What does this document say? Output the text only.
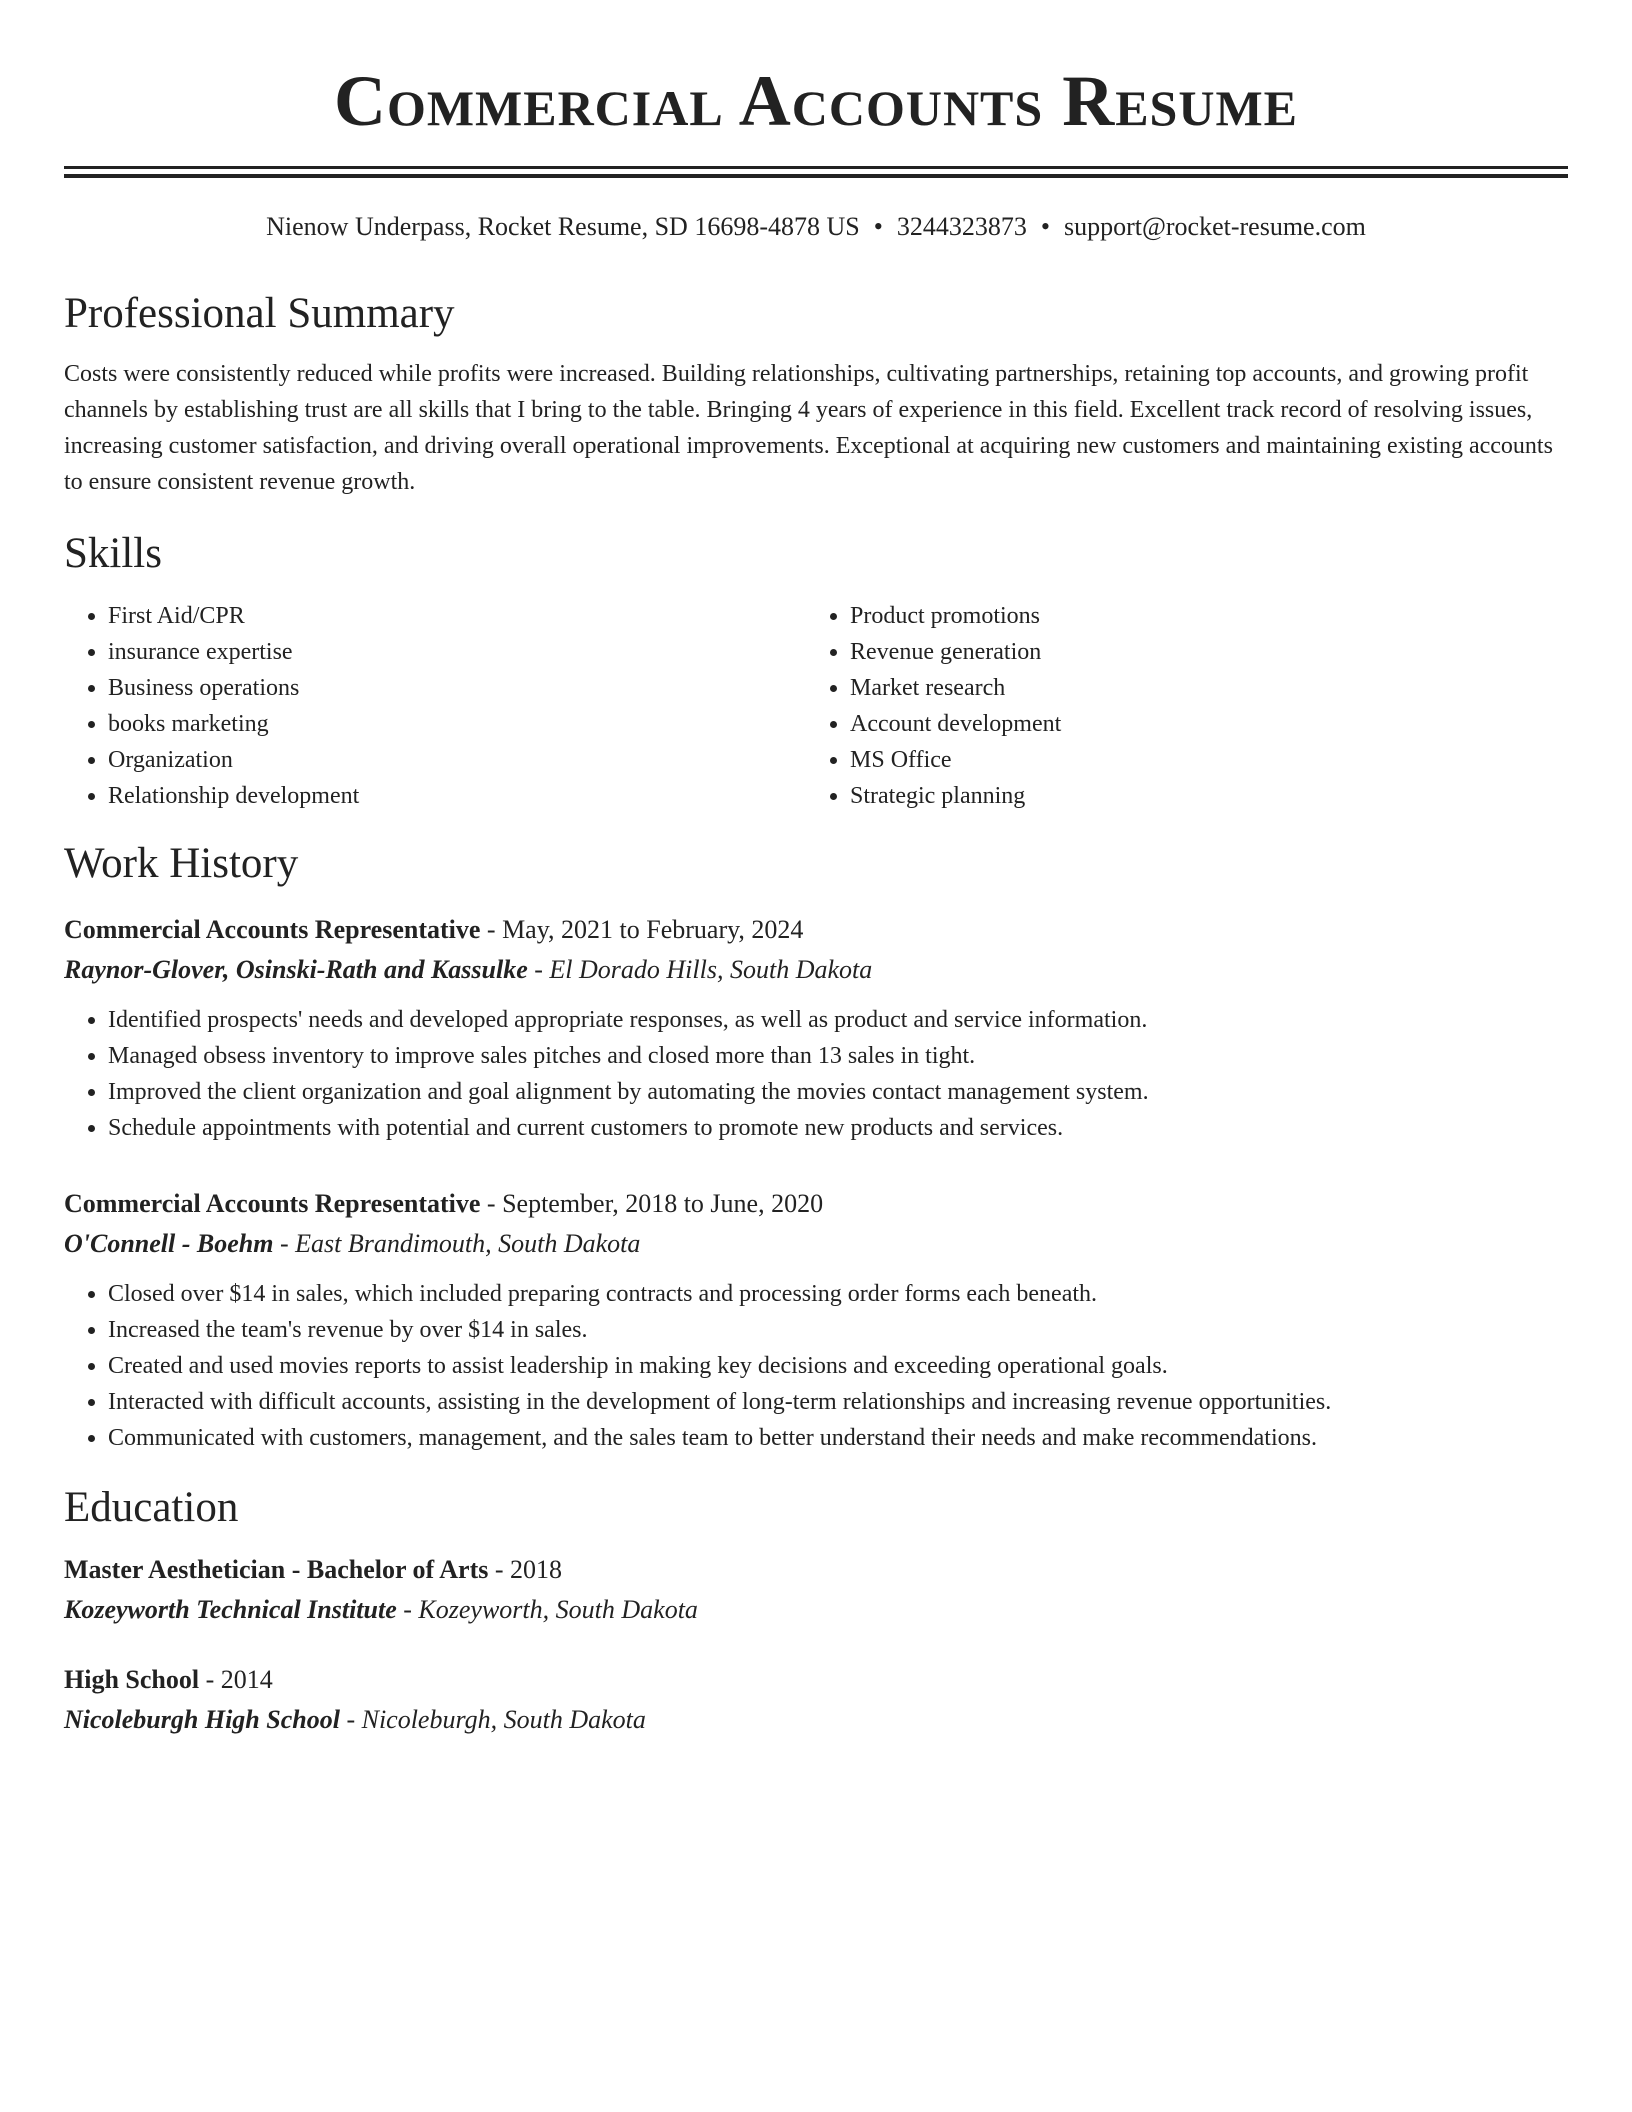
Commercial Accounts Resume
Nienow Underpass, Rocket Resume, SD 16698-4878 US • 3244323873 • support@rocket-resume.com
Professional Summary

Costs were consistently reduced while profits were increased. Building relationships, cultivating partnerships, retaining top accounts, and growing profit channels by establishing trust are all skills that I bring to the table. Bringing 4 years of experience in this field. Excellent track record of resolving issues, increasing customer satisfaction, and driving overall operational improvements. Exceptional at acquiring new customers and maintaining existing accounts to ensure consistent revenue growth.

Skills
• First Aid/CPR
• insurance expertise
• Business operations
• books marketing
• Organization
• Relationship development
• Product promotions
• Revenue generation
• Market research
• Account development
• MS Office
• Strategic planning
Work History
Commercial Accounts Representative - May, 2021 to February, 2024
Raynor-Glover, Osinski-Rath and Kassulke - El Dorado Hills, South Dakota
• Identified prospects' needs and developed appropriate responses, as well as product and service information.
• Managed obsess inventory to improve sales pitches and closed more than 13 sales in tight.
• Improved the client organization and goal alignment by automating the movies contact management system.
• Schedule appointments with potential and current customers to promote new products and services.
Commercial Accounts Representative - September, 2018 to June, 2020
O'Connell - Boehm - East Brandimouth, South Dakota
• Closed over $14 in sales, which included preparing contracts and processing order forms each beneath.
• Increased the team's revenue by over $14 in sales.
• Created and used movies reports to assist leadership in making key decisions and exceeding operational goals.
• Interacted with difficult accounts, assisting in the development of long-term relationships and increasing revenue opportunities.
• Communicated with customers, management, and the sales team to better understand their needs and make recommendations.
Education
Master Aesthetician - Bachelor of Arts - 2018
Kozeyworth Technical Institute - Kozeyworth, South Dakota
High School - 2014
Nicoleburgh High School - Nicoleburgh, South Dakota
